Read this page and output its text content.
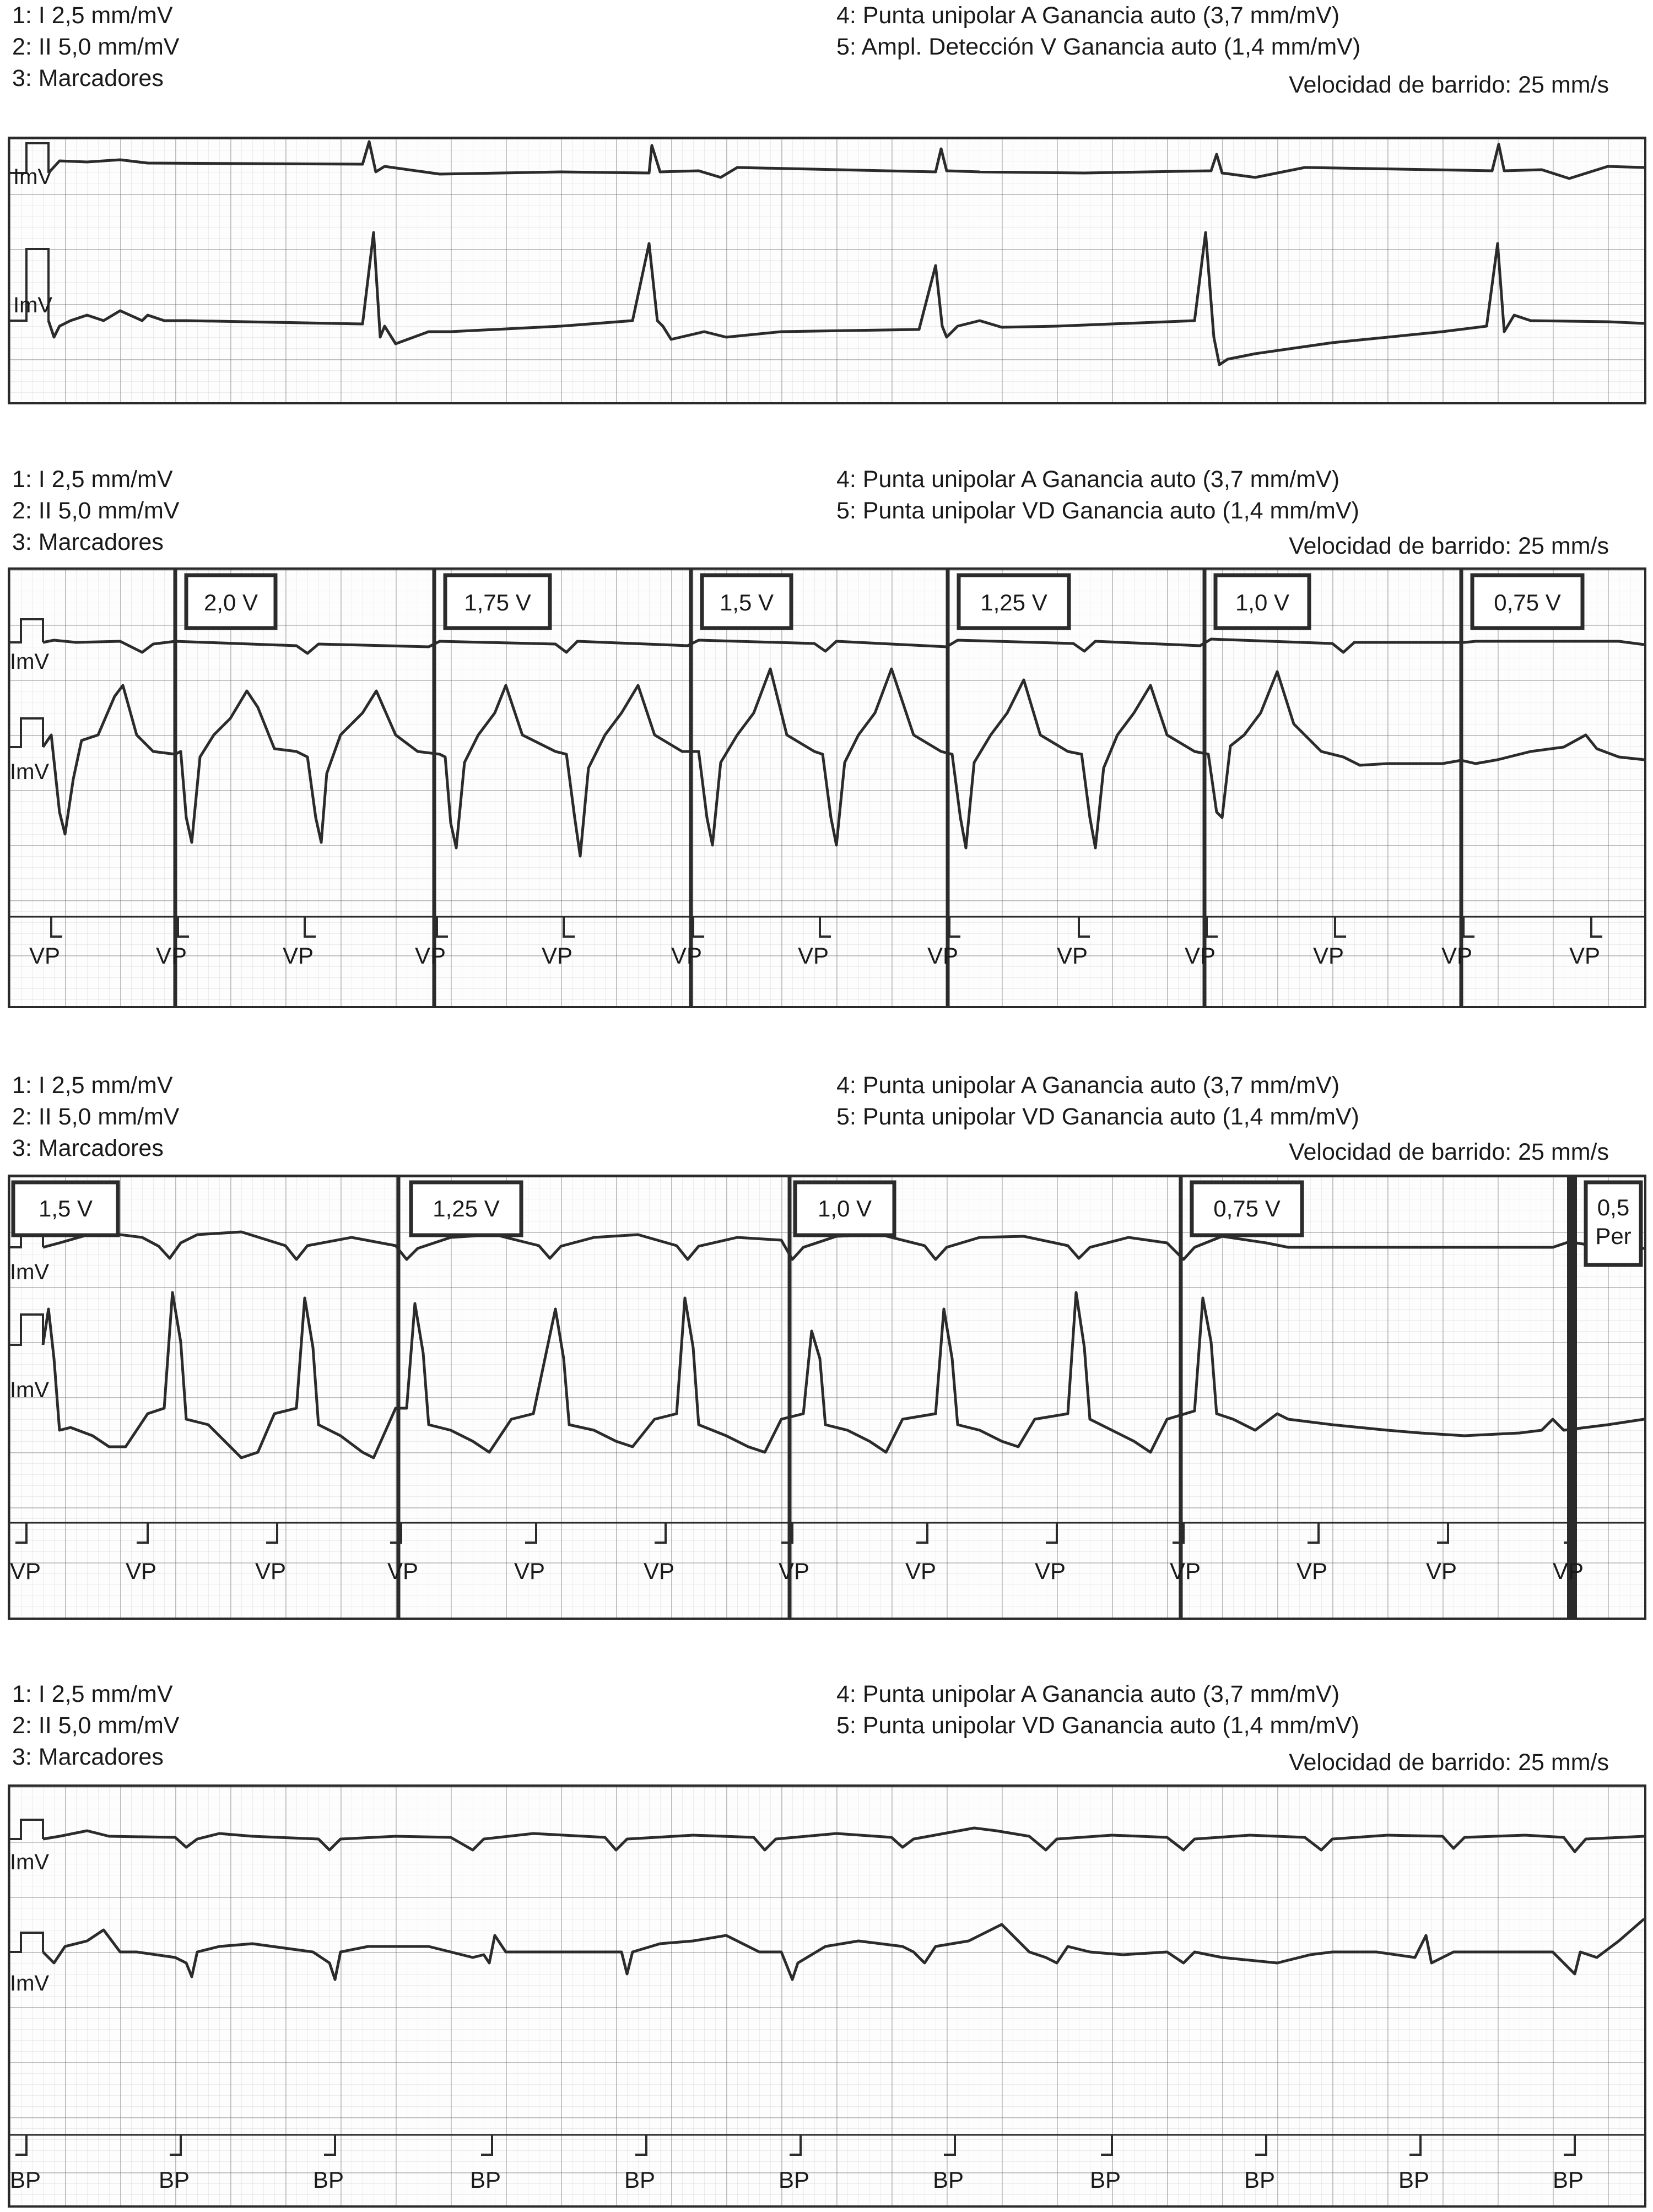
1: I 2,5 mm/mV
2: II 5,0 mm/mV
3: Marcadores
4: Punta unipolar A Ganancia auto (3,7 mm/mV)
5: Ampl. Detección V Ganancia auto (1,4 mm/mV)
Velocidad de barrido: 25 mm/s
ImV
ImV
1: I 2,5 mm/mV
2: II 5,0 mm/mV
3: Marcadores
4: Punta unipolar A Ganancia auto (3,7 mm/mV)
5: Punta unipolar VD Ganancia auto (1,4 mm/mV)
Velocidad de barrido: 25 mm/s
ImV
ImV
VP	VP	VP	VP	VP	VP	VP	VP	VP	VP	VP	VP	VP
2,0 V	1,75 V	1,5 V	1,25 V	1,0 V	0,75 V
1: I 2,5 mm/mV
2: II 5,0 mm/mV
3: Marcadores
4: Punta unipolar A Ganancia auto (3,7 mm/mV)
5: Punta unipolar VD Ganancia auto (1,4 mm/mV)
Velocidad de barrido: 25 mm/s
ImV
ImV
VP	VP	VP	VP	VP	VP	VP	VP	VP	VP	VP	VP	VP
1,5 V	1,25 V	1,0 V	0,75 V	0,5
Per
1: I 2,5 mm/mV
2: II 5,0 mm/mV
3: Marcadores
4: Punta unipolar A Ganancia auto (3,7 mm/mV)
5: Punta unipolar VD Ganancia auto (1,4 mm/mV)
Velocidad de barrido: 25 mm/s
ImV
ImV
BP	BP	BP	BP	BP	BP	BP	BP	BP	BP	BP
